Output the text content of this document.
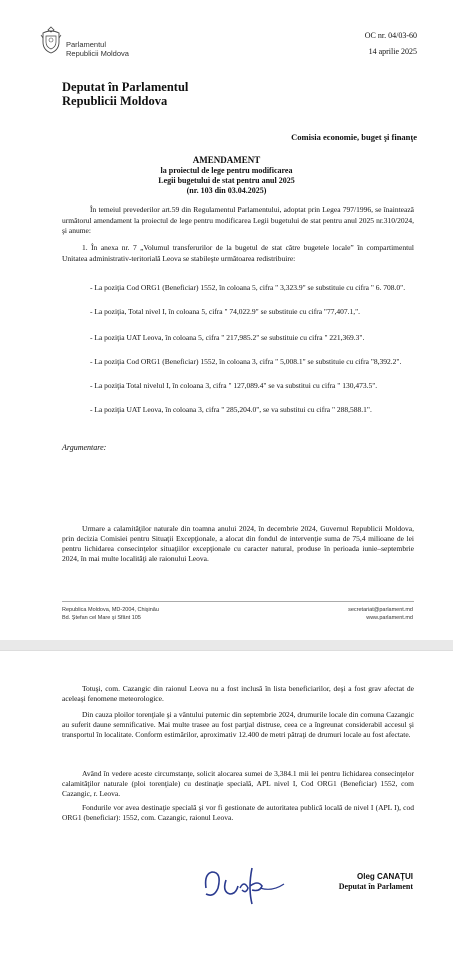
Parlamentul
Republicii Moldova
OC nr. 04/03-60
14 aprilie 2025
Deputat în Parlamentul
Republicii Moldova
Comisia economie, buget şi finanţe
AMENDAMENT
la proiectul de lege pentru modificarea
Legii bugetului de stat pentru anul 2025
(nr. 103 din 03.04.2025)
În temeiul prevederilor art.59 din Regulamentul Parlamentului, adoptat prin Legea 797/1996, se înaintează următorul amendament la proiectul de lege pentru modificarea Legii bugetului de stat pentru anul 2025 nr.310/2024, şi anume:
1. În anexa nr. 7 „Volumul transferurilor de la bugetul de stat către bugetele locale” în compartimentul Unitatea administrativ-teritorială Leova se stabileşte următoarea redistribuire:
- La poziţia Cod ORG1 (Beneficiar) 1552, în coloana 5, cifra " 3,323.9" se substituie cu cifra " 6. 708.0".
- La poziţia, Total nivel I, în coloana 5, cifra " 74,022.9" se substituie cu cifra "77,407.1,".
- La poziţia UAT Leova, în coloana 5, cifra " 217,985.2" se substituie cu cifra " 221,369.3".
- La poziţia Cod ORG1 (Beneficiar) 1552, în coloana 3, cifra " 5,008.1" se substituie cu cifra "8,392.2".
- La poziţia Total nivelul I, în coloana 3, cifra " 127,089.4" se va substitui cu cifra " 130,473.5".
- La poziţia UAT Leova, în coloana 3, cifra " 285,204.0", se va substitui cu cifra " 288,588.1".
Argumentare:
Urmare a calamităţilor naturale din toamna anului 2024, în decembrie 2024, Guvernul Republicii Moldova, prin decizia Comisiei pentru Situaţii Excepţionale, a alocat din fondul de intervenţie suma de 75,4 milioane de lei pentru lichidarea consecinţelor situaţiilor excepţionale cu caracter natural, produse în perioada iunie–septembrie 2024, în mai multe localităţi ale raionului Leova.
Republica Moldova, MD-2004, Chişinău
Bd. Ştefan cel Mare şi Sfânt 105
secretariat@parlament.md
www.parlament.md
Totuşi, com. Cazangic din raionul Leova nu a fost inclusă în lista beneficiarilor, deşi a fost grav afectat de aceleaşi fenomene meteorologice.
Din cauza ploilor torenţiale şi a vântului puternic din septembrie 2024, drumurile locale din comuna Cazangic au suferit daune semnificative. Mai multe trasee au fost parţial distruse, ceea ce a îngreunat considerabil accesul şi transportul în localitate. Conform estimărilor, aproximativ 12.400 de metri pătraţi de drumuri locale au fost afectate.
Având în vedere aceste circumstanţe, solicit alocarea sumei de 3,384.1 mii lei pentru lichidarea consecinţelor calamităţilor naturale (ploi torenţiale) cu destinaţie specială, APL nivel I, Cod ORG1 (Beneficiar) 1552, com Cazangic, r. Leova.
Fondurile vor avea destinaţie specială şi vor fi gestionate de autoritatea publică locală de nivel I (APL I), cod ORG1 (beneficiar): 1552, com. Cazangic, raionul Leova.
Oleg CANAŢUI
Deputat în Parlament
